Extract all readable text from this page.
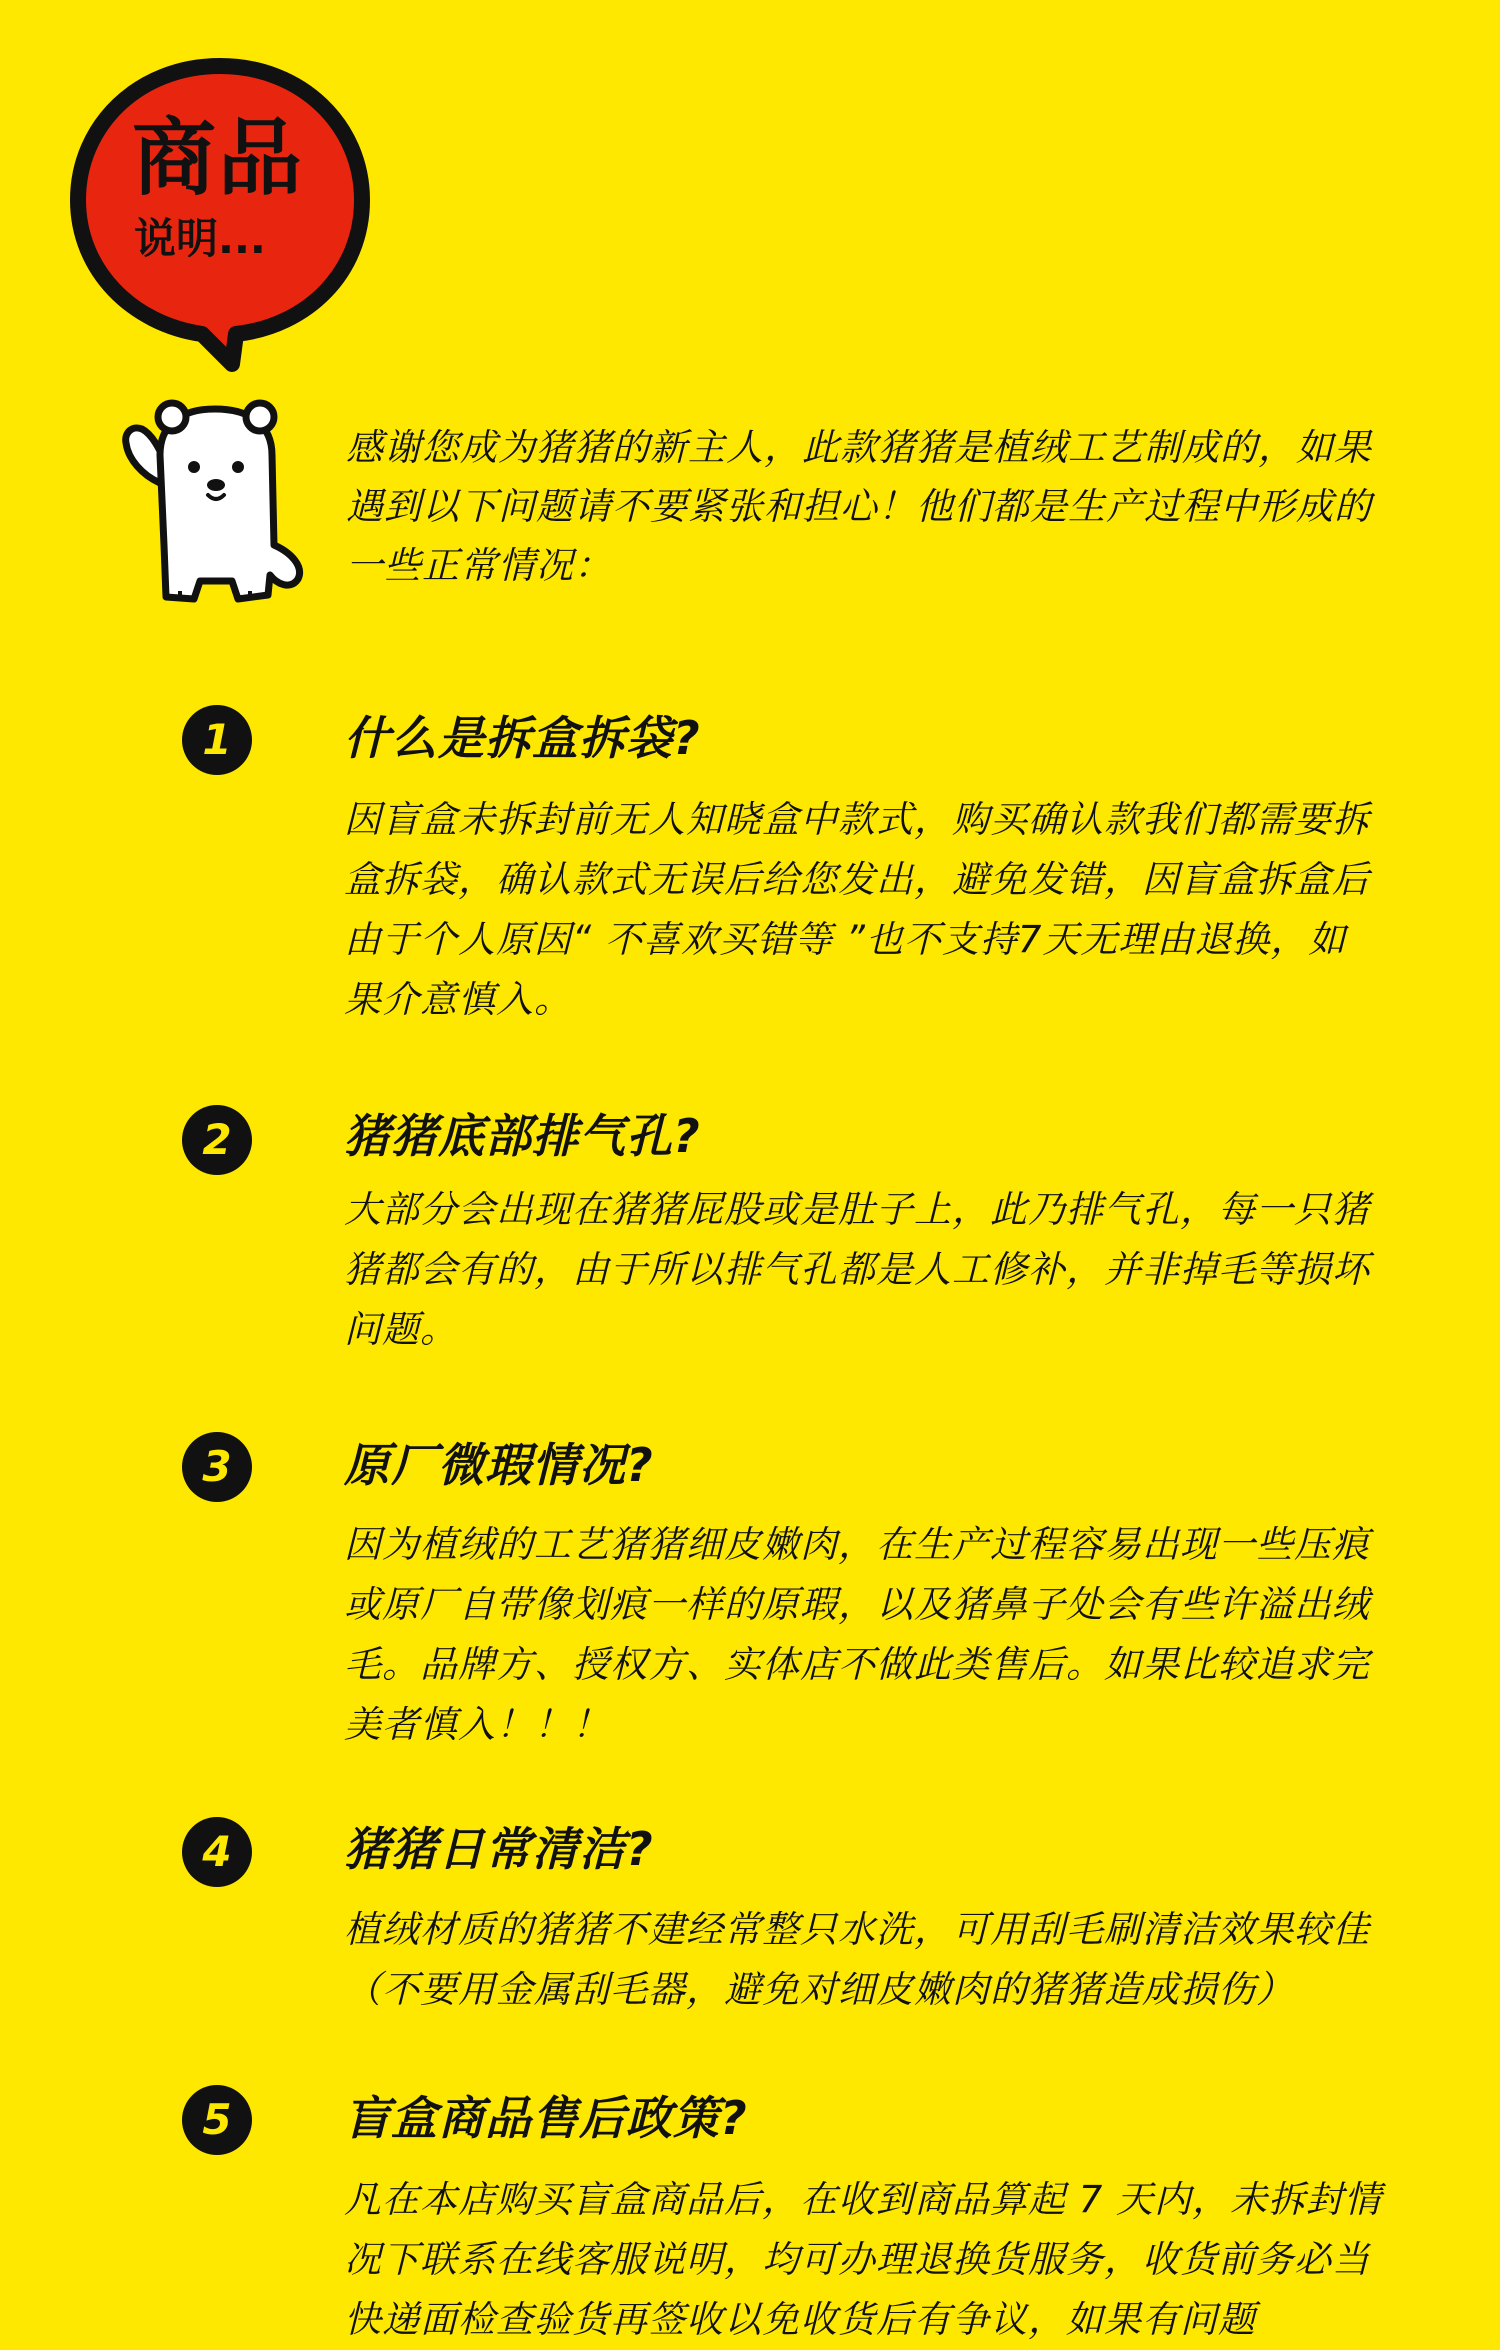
商品
说明...
感谢您成为猪猪的新主人，此款猪猪是植绒工艺制成的，如果遇到以下问题请不要紧张和担心！他们都是生产过程中形成的一些正常情况：
1	什么是拆盒拆袋?
因盲盒未拆封前无人知晓盒中款式，购买确认款我们都需要拆盒拆袋，确认款式无误后给您发出，避免发错，因盲盒拆盒后由于个人原因“ 不喜欢买错等 ”也不支持7天无理由退换，如果介意慎入。
2	猪猪底部排气孔?
大部分会出现在猪猪屁股或是肚子上，此乃排气孔，每一只猪猪都会有的，由于所以排气孔都是人工修补，并非掉毛等损坏问题。
3	原厂微瑕情况?
因为植绒的工艺猪猪细皮嫩肉，在生产过程容易出现一些压痕或原厂自带像划痕一样的原瑕，以及猪鼻子处会有些许溢出绒毛。品牌方、授权方、实体店不做此类售后。如果比较追求完美者慎入！！！
4	猪猪日常清洁?
植绒材质的猪猪不建经常整只水洗，可用刮毛刷清洁效果较佳（不要用金属刮毛器，避免对细皮嫩肉的猪猪造成损伤）
5	盲盒商品售后政策?
凡在本店购买盲盒商品后，在收到商品算起 7 天内，未拆封情况下联系在线客服说明，均可办理退换货服务，收货前务必当快递面检查验货再签收以免收货后有争议，如果有问题
